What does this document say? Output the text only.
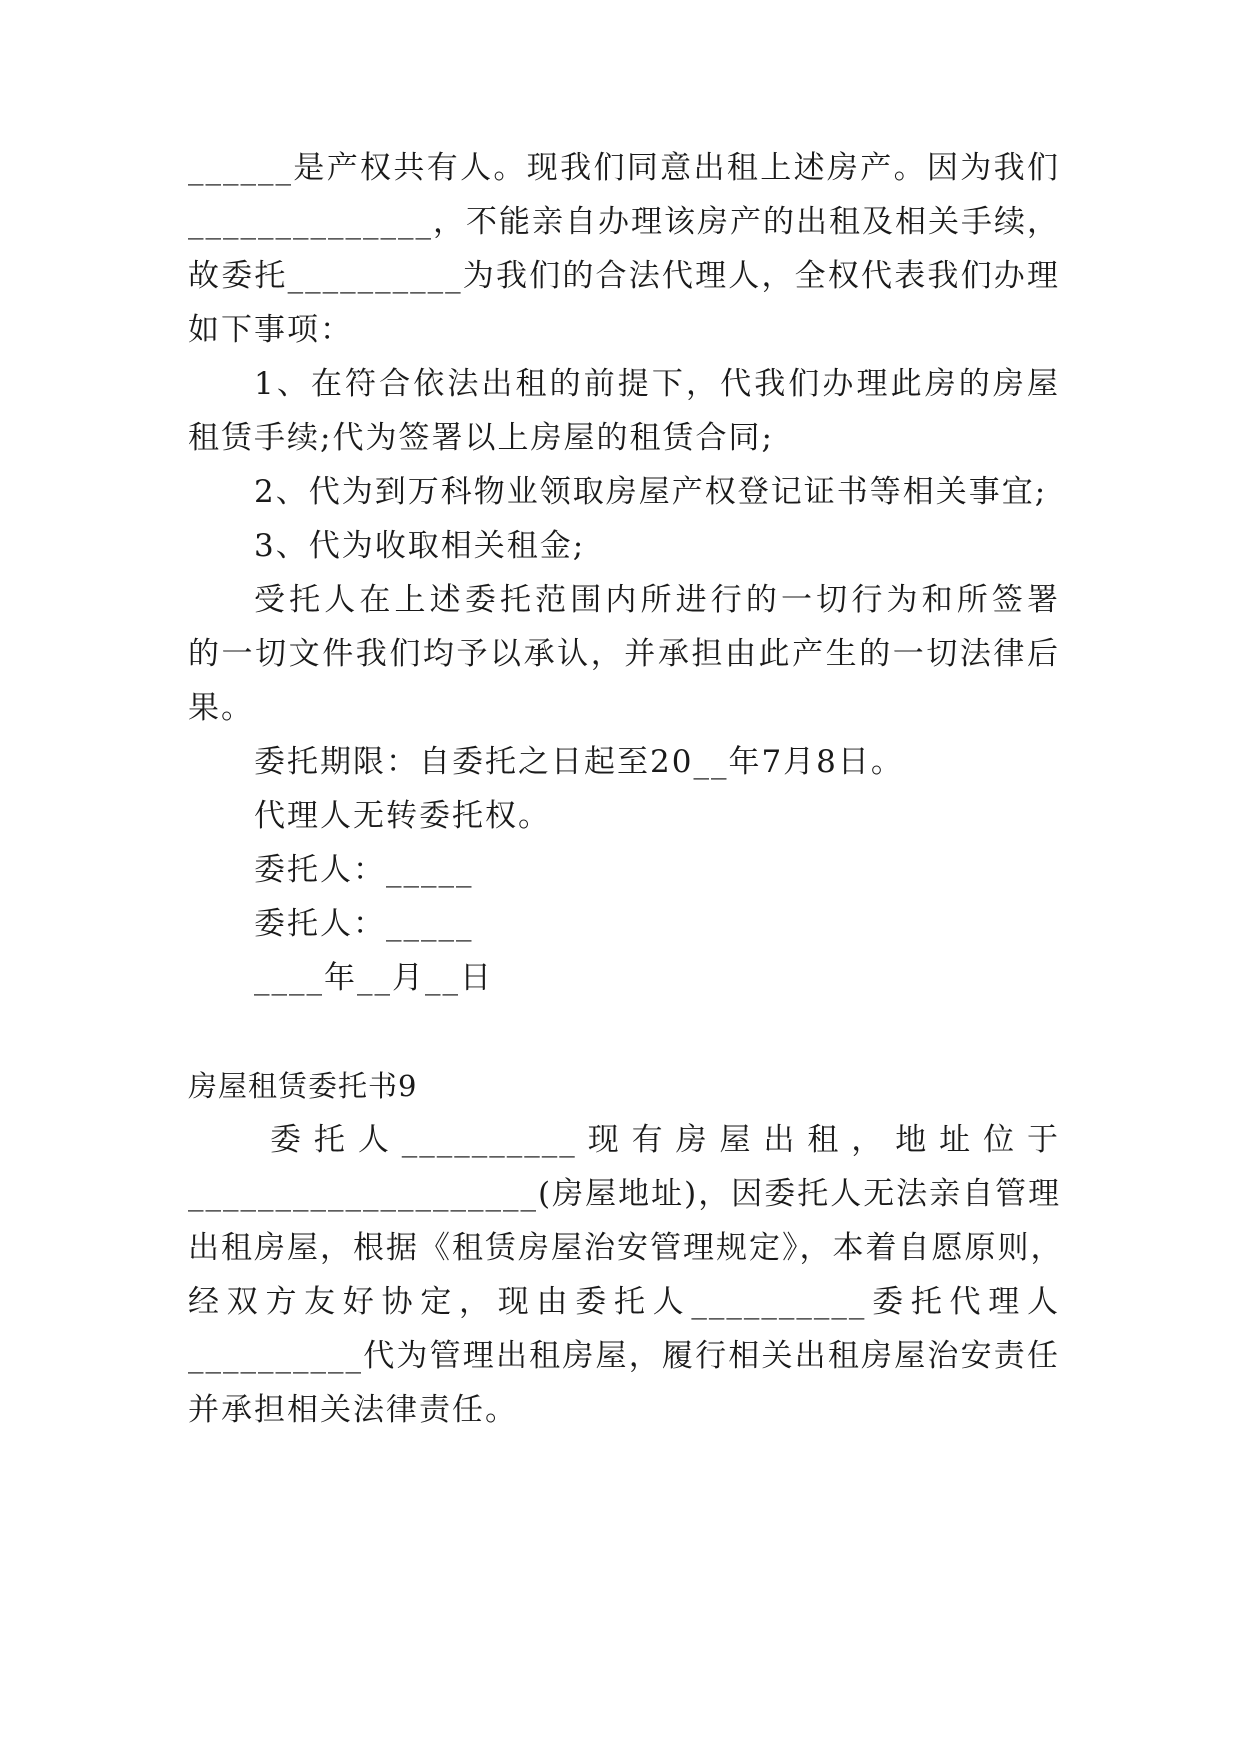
______是产权共有人。现我们同意出租上述房产。因为我们
______________，不能亲自办理该房产的出租及相关手续，
故委托__________为我们的合法代理人，全权代表我们办理
如下事项：
1、在符合依法出租的前提下，代我们办理此房的房屋
租赁手续;代为签署以上房屋的租赁合同;
2、代为到万科物业领取房屋产权登记证书等相关事宜;
3、代为收取相关租金;
受托人在上述委托范围内所进行的一切行为和所签署
的一切文件我们均予以承认，并承担由此产生的一切法律后
果。
委托期限：自委托之日起至20__年7月8日。
代理人无转委托权。
委托人：_____
委托人：_____
____年__月__日
房屋租赁委托书9
委托人__________现有房屋出租，地址位于
____________________(房屋地址)，因委托人无法亲自管理
出租房屋，根据《租赁房屋治安管理规定》，本着自愿原则，
经双方友好协定，现由委托人__________委托代理人
__________代为管理出租房屋，履行相关出租房屋治安责任
并承担相关法律责任。
